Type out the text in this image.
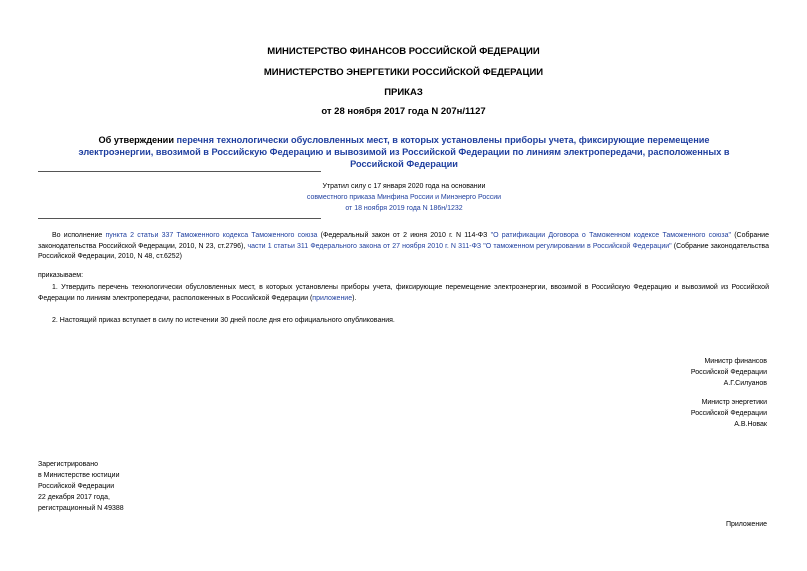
МИНИСТЕРСТВО ФИНАНСОВ РОССИЙСКОЙ ФЕДЕРАЦИИ
МИНИСТЕРСТВО ЭНЕРГЕТИКИ РОССИЙСКОЙ ФЕДЕРАЦИИ
ПРИКАЗ
от 28 ноября 2017 года N 207н/1127
Об утверждении перечня технологически обусловленных мест, в которых установлены приборы учета, фиксирующие перемещение электроэнергии, ввозимой в Российскую Федерацию и вывозимой из Российской Федерации по линиям электропередачи, расположенных в Российской Федерации
Утратил силу с 17 января 2020 года на основании
совместного приказа Минфина России и Минэнерго России
от 18 ноября 2019 года N 186н/1232
Во исполнение пункта 2 статьи 337 Таможенного кодекса Таможенного союза (Федеральный закон от 2 июня 2010 г. N 114-ФЗ "О ратификации Договора о Таможенном кодексе Таможенного союза" (Собрание законодательства Российской Федерации, 2010, N 23, ст.2796), части 1 статьи 311 Федерального закона от 27 ноября 2010 г. N 311-ФЗ "О таможенном регулировании в Российской Федерации" (Собрание законодательства Российской Федерации, 2010, N 48, ст.6252)
приказываем:
1. Утвердить перечень технологически обусловленных мест, в которых установлены приборы учета, фиксирующие перемещение электроэнергии, ввозимой в Российскую Федерацию и вывозимой из Российской Федерации по линиям электропередачи, расположенных в Российской Федерации (приложение).
2. Настоящий приказ вступает в силу по истечении 30 дней после дня его официального опубликования.
Министр финансов
Российской Федерации
А.Г.Силуанов
Министр энергетики
Российской Федерации
А.В.Новак
Зарегистрировано
в Министерстве юстиции
Российской Федерации
22 декабря 2017 года,
регистрационный N 49388
Приложение
